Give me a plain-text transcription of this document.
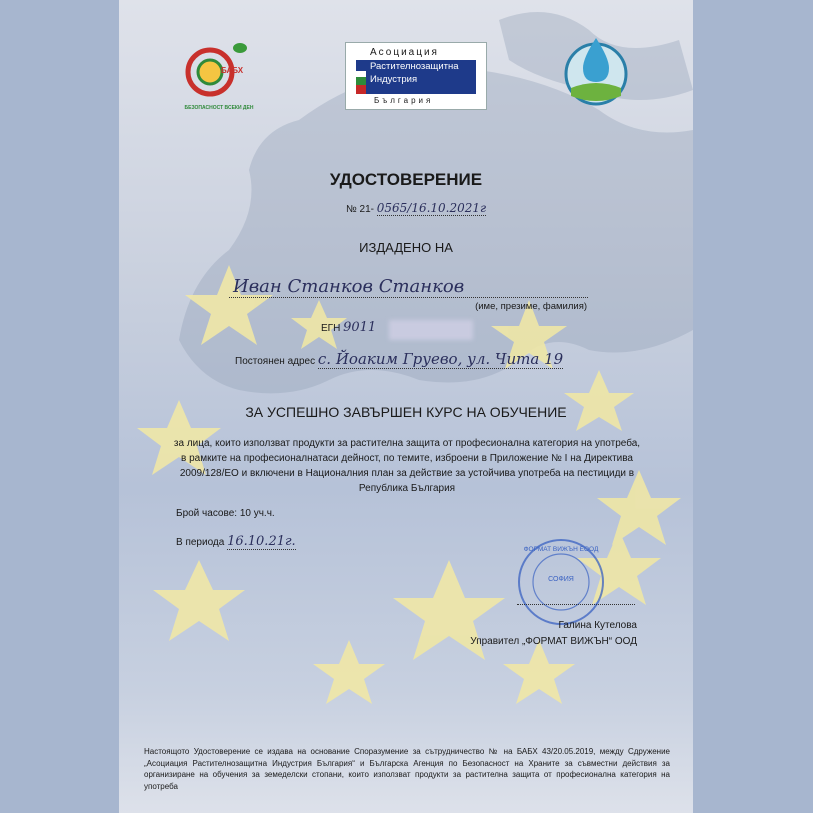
БАБХ
БЕЗОПАСНОСТ ВСЕКИ ДЕН
Асоциация
Растителнозащитна
Индустрия
България
УДОСТОВЕРЕНИЕ
№ 21- 0565/16.10.2021г
ИЗДАДЕНО НА
Иван Станков Станков
(име, презиме, фамилия)
ЕГН 9011
Постоянен адрес с. Йоаким Груево, ул. Чита 19
ЗА УСПЕШНО ЗАВЪРШЕН КУРС НА ОБУЧЕНИЕ
за лица, които използват продукти за растителна защита от професионална категория на употреба, в рамките на професионалнатаси дейност, по темите, изброени в Приложение № I на Директива 2009/128/ЕО и включени в Националния план за действие за устойчива употреба на пестициди в Република България
Брой часове: 10 уч.ч.
В периода 16.10.21г.
ФОРМАТ ВИЖЪН ЕООД
СОФИЯ
Галина Кутелова
Управител „ФОРМАТ ВИЖЪН“ ООД
Настоящото Удостоверение се издава на основание Споразумение за сътрудничество № на БАБХ 43/20.05.2019, между Сдружение „Асоциация Растителнозащитна Индустрия България“ и Българска Агенция по Безопасност на Храните за съвместни действия за организиране на обучения за земеделски стопани, които използват продукти за растителна защита от професионална категория на употреба
